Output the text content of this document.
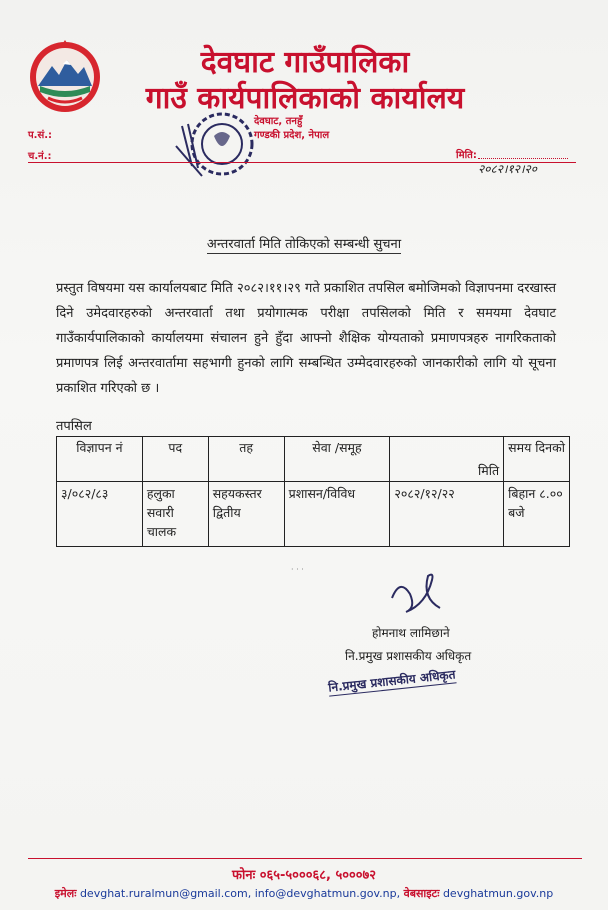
देवघाट गाउँपालिका
गाउँ कार्यपालिकाको कार्यालय
देवघाट, तनहुँ
गण्डकी प्रदेश, नेपाल
प.सं.:
च.नं.:	मिति:
२०८२।१२।२०
अन्तरवार्ता मिति तोकिएको सम्बन्धी सुचना
प्रस्तुत विषयमा यस कार्यालयबाट मिति २०८२।११।२९ गते प्रकाशित तपसिल बमोजिमको विज्ञापनमा दरखास्त दिने उमेदवारहरुको अन्तरवार्ता तथा प्रयोगात्मक परीक्षा तपसिलको मिति र समयमा देवघाट गाउँकार्यपालिकाको कार्यालयमा संचालन हुने हुँदा आफ्नो शैक्षिक योग्यताको प्रमाणपत्रहरु नागरिकताको प्रमाणपत्र लिई अन्तरवार्तामा सहभागी हुनको लागि सम्बन्धित उम्मेदवारहरुको जानकारीको लागि यो सूचना प्रकाशित गरिएको छ ।
तपसिल
विज्ञापन नं	पद	तह	सेवा /समूह	मिति	समय दिनको
३/०८२/८३	हलुका सवारी चालक	सहयकस्तर द्वितीय	प्रशासन/विविध	२०८२/१२/२२	बिहान ८.०० बजे
· · ·
होमनाथ लामिछाने
नि.प्रमुख प्रशासकीय अधिकृत
नि.प्रमुख प्रशासकीय अधिकृत
फोनः ०६५-५०००६८, ५०००७२
इमेलः devghat.ruralmun@gmail.com, info@devghatmun.gov.np, वेबसाइटः devghatmun.gov.np
